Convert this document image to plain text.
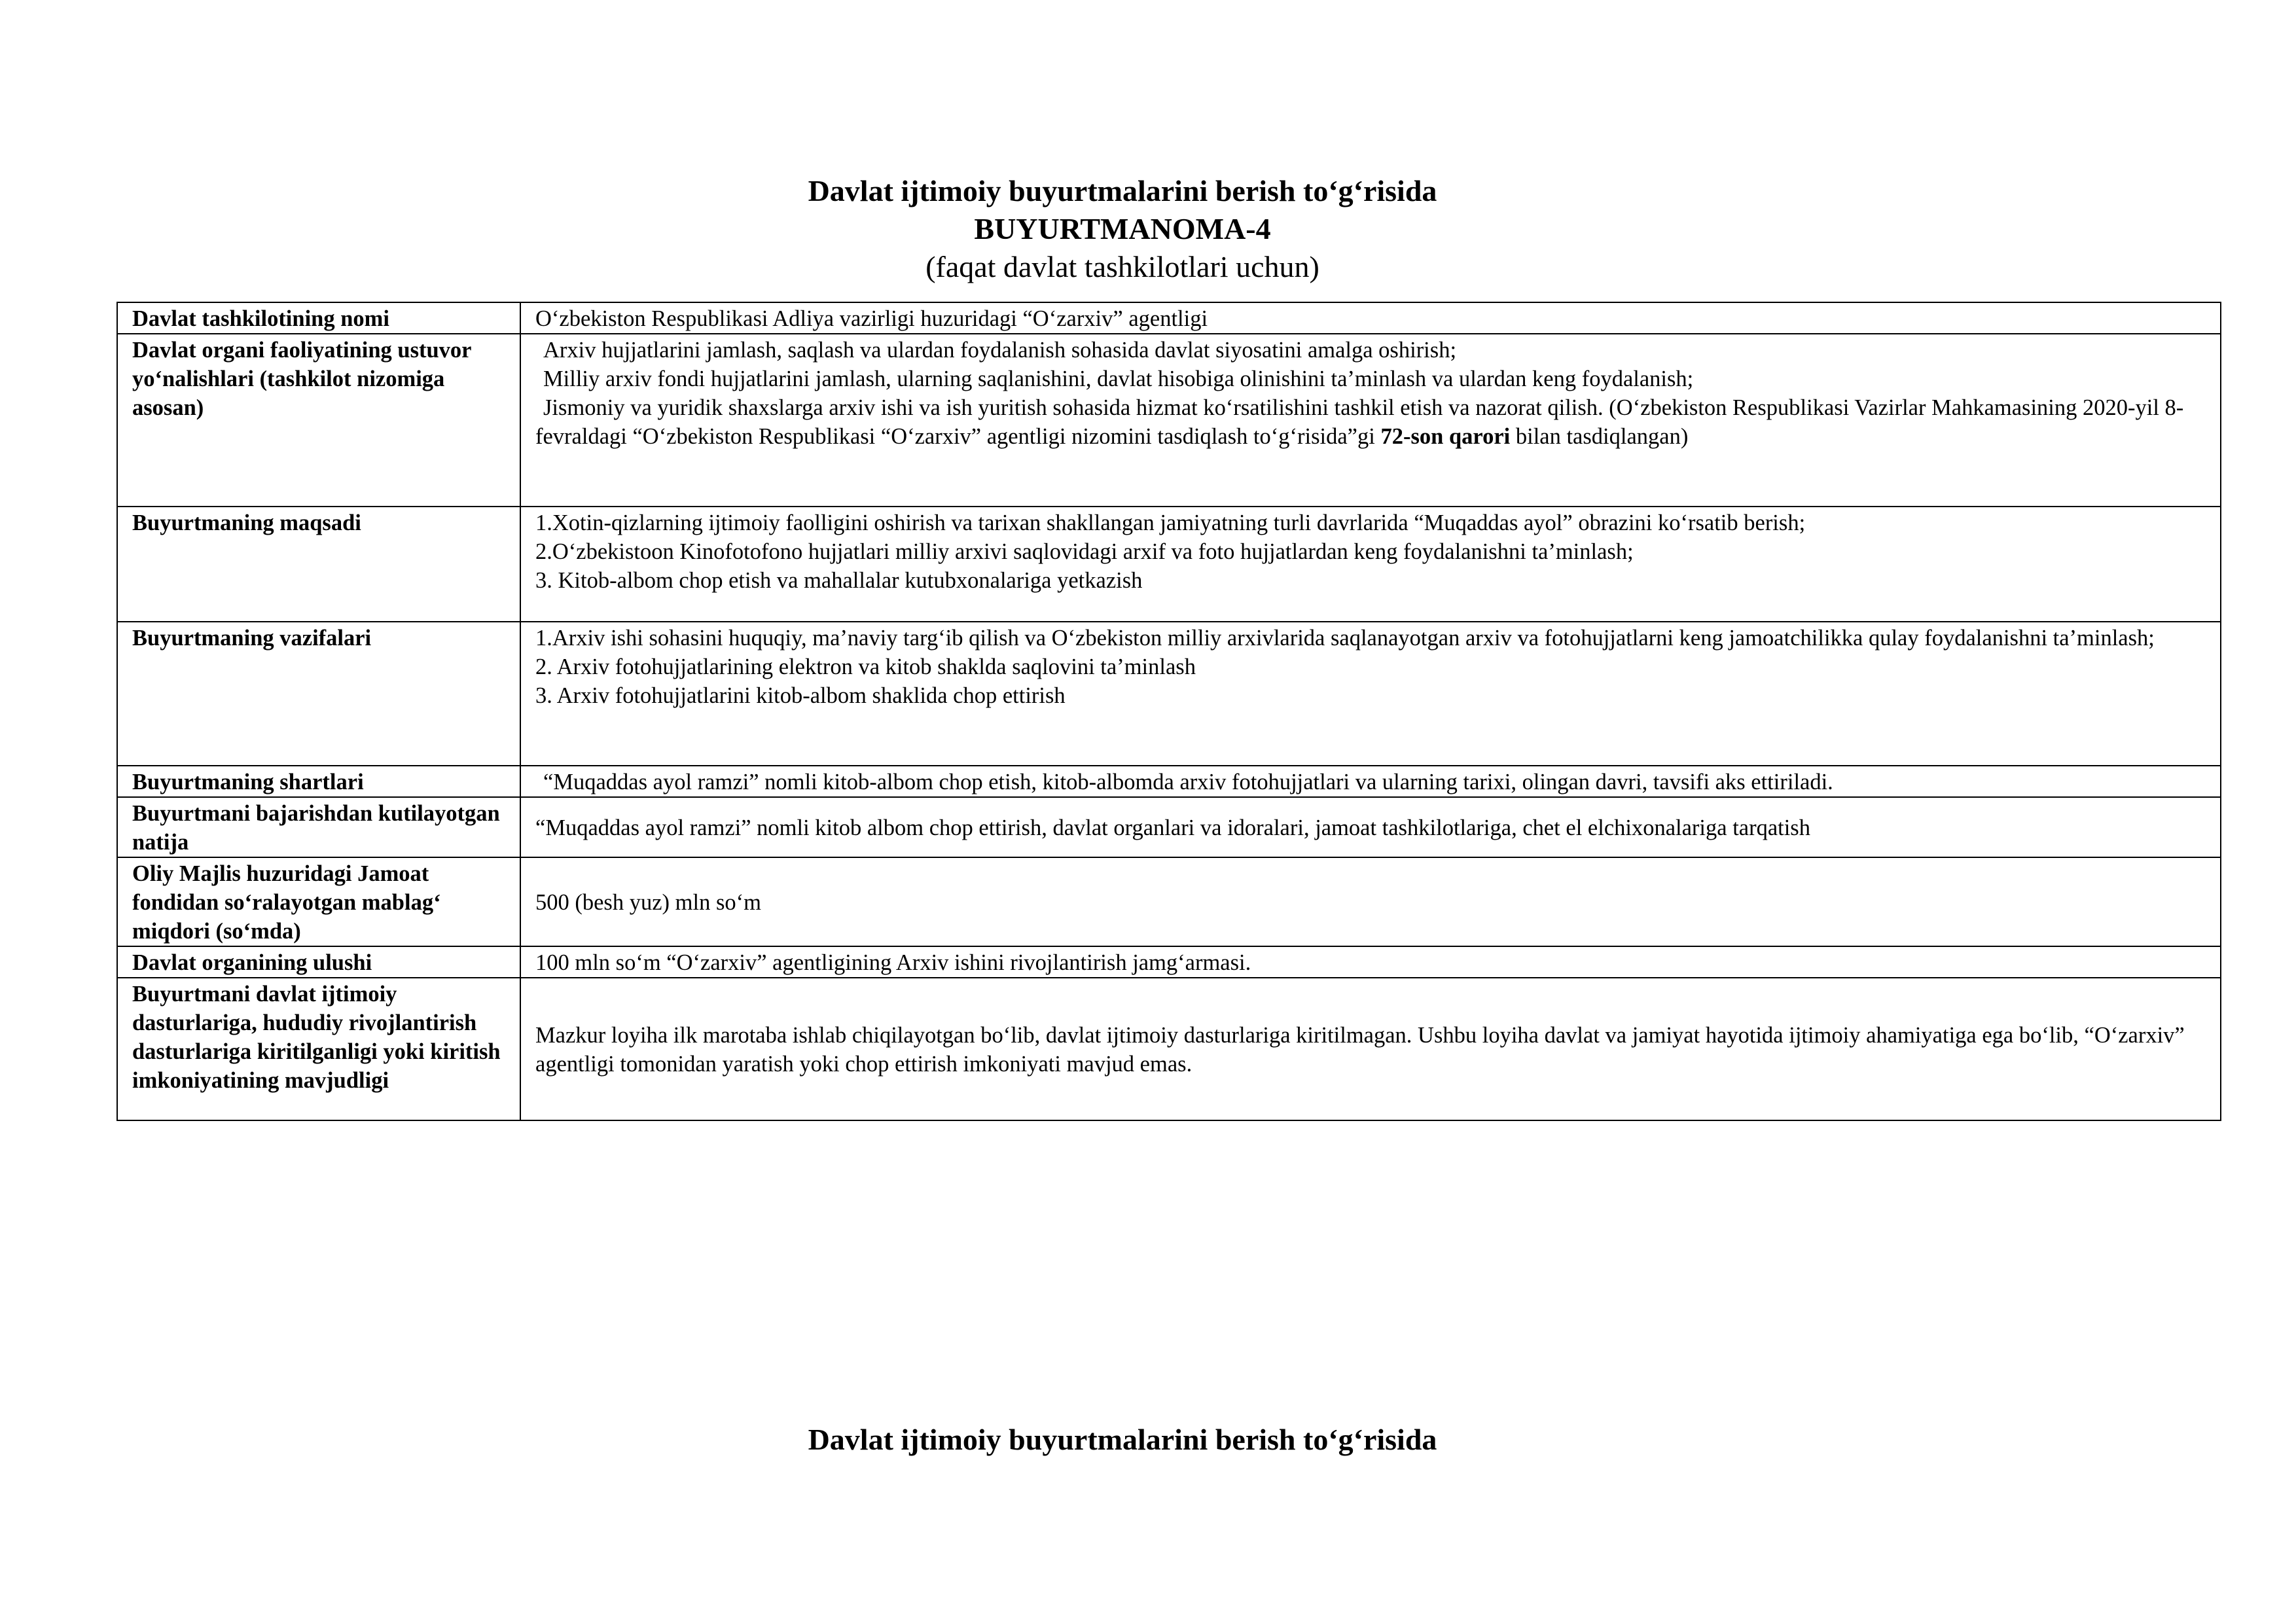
Davlat ijtimoiy buyurtmalarini berish to‘g‘risida
BUYURTMANOMA-4
(faqat davlat tashkilotlari uchun)
Davlat tashkilotining nomi	O‘zbekiston Respublikasi Adliya vazirligi huzuridagi “O‘zarxiv” agentligi
Davlat organi faoliyatining ustuvor yo‘nalishlari (tashkilot nizomiga asosan)	Arxiv hujjatlarini jamlash, saqlash va ulardan foydalanish sohasida davlat siyosatini amalga oshirish;
Milliy arxiv fondi hujjatlarini jamlash, ularning saqlanishini, davlat hisobiga olinishini ta’minlash va ulardan keng foydalanish;
Jismoniy va yuridik shaxslarga arxiv ishi va ish yuritish sohasida hizmat ko‘rsatilishini tashkil etish va nazorat qilish. (O‘zbekiston Respublikasi Vazirlar Mahkamasining 2020-yil 8-fevraldagi “O‘zbekiston Respublikasi “O‘zarxiv” agentligi nizomini tasdiqlash to‘g‘risida”gi 72-son qarori bilan tasdiqlangan)

Buyurtmaning maqsadi	1.Xotin-qizlarning ijtimoiy faolligini oshirish va tarixan shakllangan jamiyatning turli davrlarida “Muqaddas ayol” obrazini ko‘rsatib berish;
2.O‘zbekistoon Kinofotofono hujjatlari milliy arxivi saqlovidagi arxif va foto hujjatlardan keng foydalanishni ta’minlash;
3. Kitob-albom chop etish va mahallalar kutubxonalariga yetkazish

Buyurtmaning vazifalari	1.Arxiv ishi sohasini huquqiy, ma’naviy targ‘ib qilish va O‘zbekiston milliy arxivlarida saqlanayotgan arxiv va fotohujjatlarni keng jamoatchilikka qulay foydalanishni ta’minlash;
2. Arxiv fotohujjatlarining elektron va kitob shaklda saqlovini ta’minlash
3. Arxiv fotohujjatlarini kitob-albom shaklida chop ettirish

Buyurtmaning shartlari	“Muqaddas ayol ramzi” nomli kitob-albom chop etish, kitob-albomda arxiv fotohujjatlari va ularning tarixi, olingan davri, tavsifi aks ettiriladi.
Buyurtmani bajarishdan kutilayotgan natija	“Muqaddas ayol ramzi” nomli kitob albom chop ettirish, davlat organlari va idoralari, jamoat tashkilotlariga, chet el elchixonalariga tarqatish
Oliy Majlis huzuridagi Jamoat fondidan so‘ralayotgan mablag‘ miqdori (so‘mda)	500 (besh yuz) mln so‘m
Davlat organining ulushi	100 mln so‘m “O‘zarxiv” agentligining Arxiv ishini rivojlantirish jamg‘armasi.
Buyurtmani davlat ijtimoiy dasturlariga, hududiy rivojlantirish dasturlariga kiritilganligi yoki kiritish imkoniyatining mavjudligi	Mazkur loyiha ilk marotaba ishlab chiqilayotgan bo‘lib, davlat ijtimoiy dasturlariga kiritilmagan. Ushbu loyiha davlat va jamiyat hayotida ijtimoiy ahamiyatiga ega bo‘lib, “O‘zarxiv” agentligi tomonidan yaratish yoki chop ettirish imkoniyati mavjud emas.
Davlat ijtimoiy buyurtmalarini berish to‘g‘risida
